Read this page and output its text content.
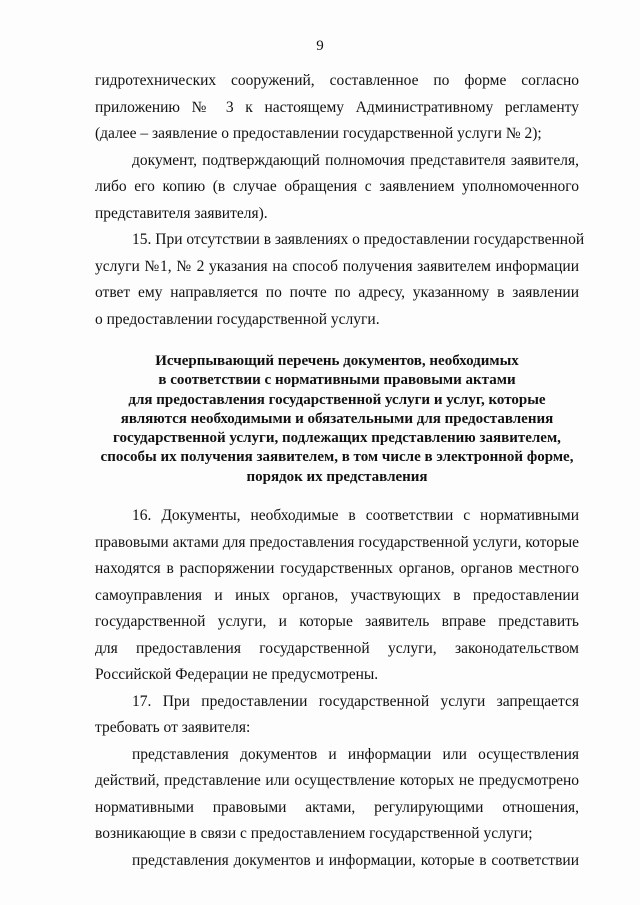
9
гидротехнических сооружений, составленное по форме согласно
приложению № 3 к настоящему Административному регламенту
(далее – заявление о предоставлении государственной услуги № 2);
документ, подтверждающий полномочия представителя заявителя,
либо его копию (в случае обращения с заявлением уполномоченного
представителя заявителя).
15. При отсутствии в заявлениях о предоставлении государственной
услуги №1, № 2 указания на способ получения заявителем информации
ответ ему направляется по почте по адресу, указанному в заявлении
о предоставлении государственной услуги.
Исчерпывающий перечень документов, необходимых
в соответствии с нормативными правовыми актами
для предоставления государственной услуги и услуг, которые
являются необходимыми и обязательными для предоставления
государственной услуги, подлежащих представлению заявителем,
способы их получения заявителем, в том числе в электронной форме,
порядок их представления
16. Документы, необходимые в соответствии с нормативными
правовыми актами для предоставления государственной услуги, которые
находятся в распоряжении государственных органов, органов местного
самоуправления и иных органов, участвующих в предоставлении
государственной услуги, и которые заявитель вправе представить
для предоставления государственной услуги, законодательством
Российской Федерации не предусмотрены.
17. При предоставлении государственной услуги запрещается
требовать от заявителя:
представления документов и информации или осуществления
действий, представление или осуществление которых не предусмотрено
нормативными правовыми актами, регулирующими отношения,
возникающие в связи с предоставлением государственной услуги;
представления документов и информации, которые в соответствии
